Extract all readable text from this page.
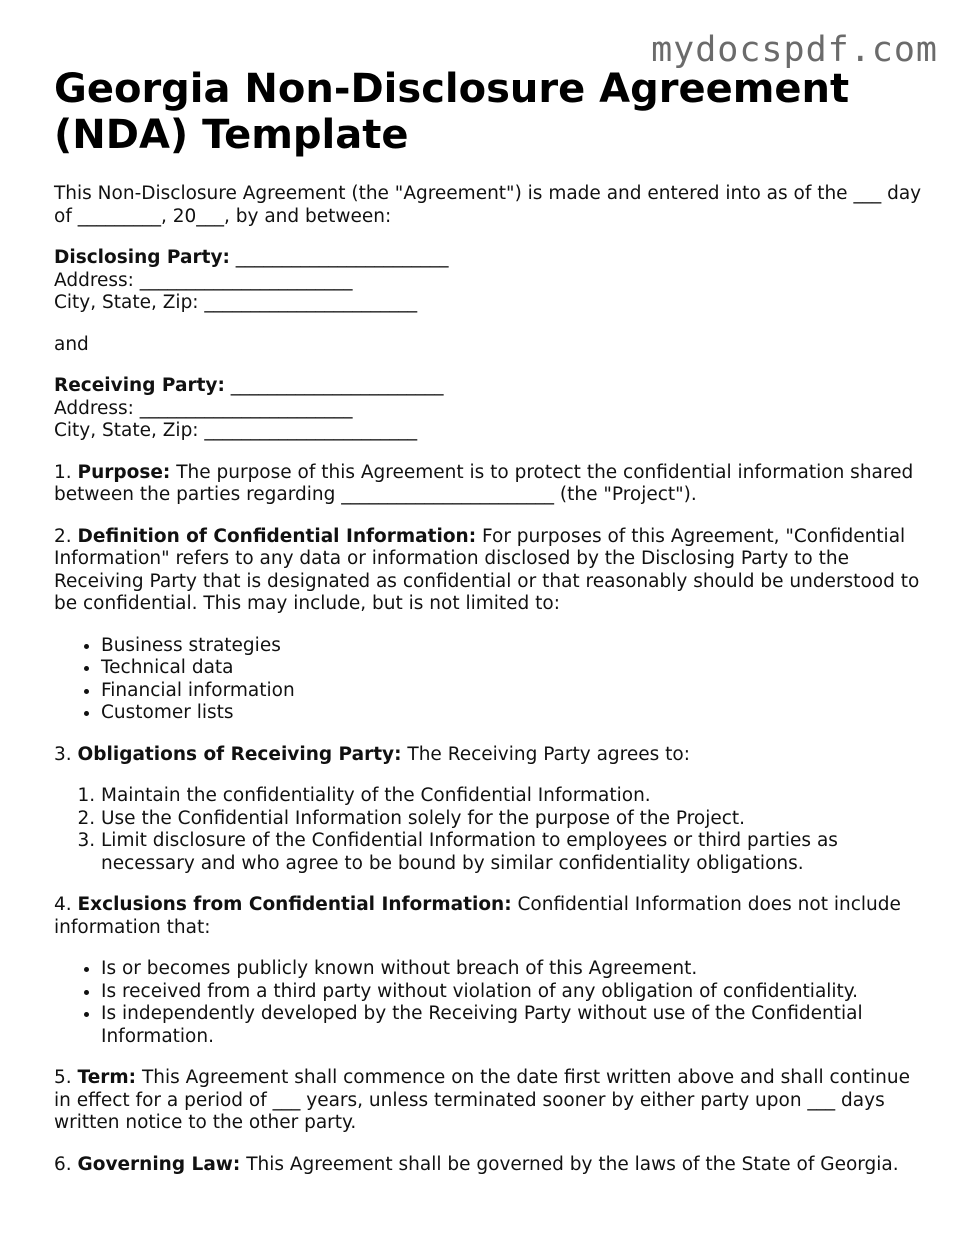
mydocspdf.com
Georgia Non-Disclosure Agreement (NDA) Template

This Non-Disclosure Agreement (the "Agreement") is made and entered into as of the ___ day of _________, 20___, by and between:

Disclosing Party: _______________________

Address: _______________________

City, State, Zip: _______________________

and

Receiving Party: _______________________

Address: _______________________

City, State, Zip: _______________________

1. Purpose: The purpose of this Agreement is to protect the confidential information shared between the parties regarding _______________________ (the "Project").

2. Definition of Confidential Information: For purposes of this Agreement, "Confidential Information" refers to any data or information disclosed by the Disclosing Party to the Receiving Party that is designated as confidential or that reasonably should be understood to be confidential. This may include, but is not limited to:

• Business strategies
• Technical data
• Financial information
• Customer lists

3. Obligations of Receiving Party: The Receiving Party agrees to:

1. Maintain the confidentiality of the Confidential Information.
2. Use the Confidential Information solely for the purpose of the Project.
3. Limit disclosure of the Confidential Information to employees or third parties as necessary and who agree to be bound by similar confidentiality obligations.

4. Exclusions from Confidential Information: Confidential Information does not include information that:

• Is or becomes publicly known without breach of this Agreement.
• Is received from a third party without violation of any obligation of confidentiality.
• Is independently developed by the Receiving Party without use of the Confidential Information.

5. Term: This Agreement shall commence on the date first written above and shall continue in effect for a period of ___ years, unless terminated sooner by either party upon ___ days written notice to the other party.

6. Governing Law: This Agreement shall be governed by the laws of the State of Georgia.
